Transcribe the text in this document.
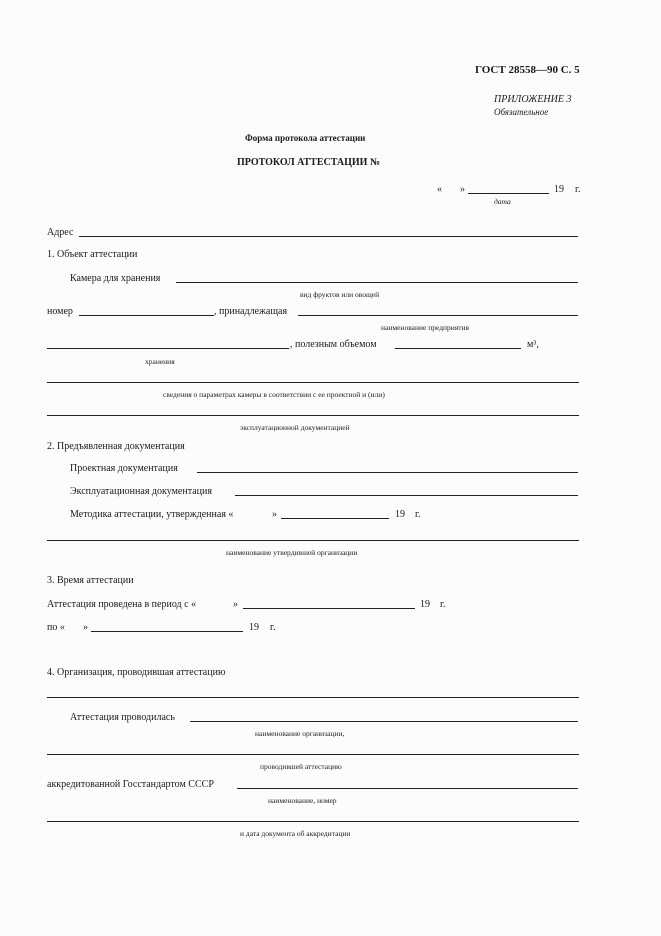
ГОСТ 28558—90 С. 5
ПРИЛОЖЕНИЕ 3
Обязательное
Форма протокола аттестации
ПРОТОКОЛ АТТЕСТАЦИИ №
« »	19 г.
дата
Адрес
1. Объект аттестации
Камера для хранения
вид фруктов или овощей
номер	, принадлежащая
наименование предприятия
, полезным объемом	м³,
хранения
сведения о параметрах камеры в соответствии с ее проектной и (или)
эксплуатационной документацией
2. Предъявленная документация
Проектная документация
Эксплуатационная документация
Методика аттестации, утвержденная «	»	19 г.
наименование утвердившей организации
3. Время аттестации
Аттестация проведена в период с «	»	19 г.
по « »	19 г.
4. Организация, проводившая аттестацию
Аттестация проводилась
наименование организации,
проводившей аттестацию
аккредитованной Госстандартом СССР
наименование, номер
и дата документа об аккредитации
